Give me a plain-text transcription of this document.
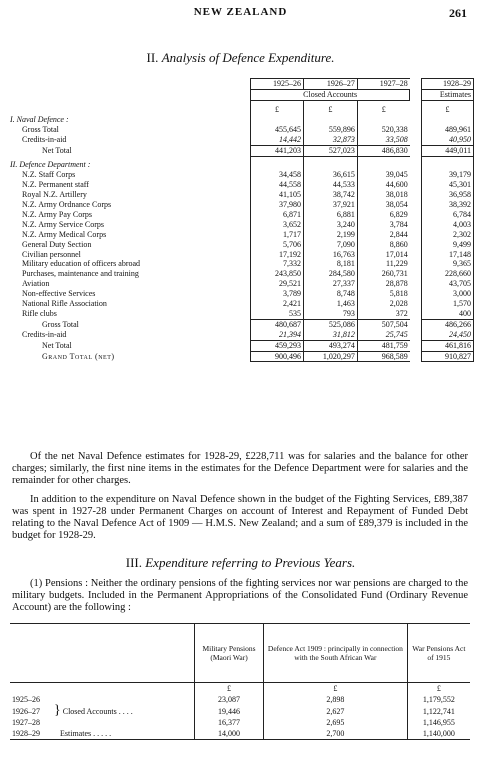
NEW ZEALAND	261
II. Analysis of Defence Expenditure.
	1925–26	1926–27	1927–28		1928–29
	Closed Accounts				Estimates

	£	£	£		£
I. Naval Defence :					
Gross Total	455,645	559,896	520,338		489,961
Credits-in-aid	14,442	32,873	33,508		40,950
Net Total	441,203	527,023	486,830		449,011

II. Defence Department :					
N.Z. Staff Corps	34,458	36,615	39,045		39,179
N.Z. Permanent staff	44,558	44,533	44,600		45,301
Royal N.Z. Artillery	41,105	38,742	38,018		36,958
N.Z. Army Ordnance Corps	37,980	37,921	38,054		38,392
N.Z. Army Pay Corps	6,871	6,881	6,829		6,784
N.Z. Army Service Corps	3,652	3,240	3,784		4,003
N.Z. Army Medical Corps	1,717	2,199	2,844		2,302
General Duty Section	5,706	7,090	8,860		9,499
Civilian personnel	17,192	16,763	17,014		17,148
Military education of officers abroad	7,332	8,181	11,229		9,365
Purchases, maintenance and training	243,850	284,580	260,731		228,660
Aviation	29,521	27,337	28,878		43,705
Non-effective Services	3,789	8,748	5,818		3,000
National Rifle Association	2,421	1,463	2,028		1,570
Rifle clubs	535	793	372		400
Gross Total	480,687	525,086	507,504		486,266
Credits-in-aid	21,394	31,812	25,745		24,450
Net Total	459,293	493,274	481,759		461,816
Grand Total (net)	900,496	1,020,297	968,589		910,827

Of the net Naval Defence estimates for 1928-29, £228,711 was for salaries and the balance for other charges; similarly, the first nine items in the estimates for the Defence Department were for salaries and the remainder for other charges.

In addition to the expenditure on Naval Defence shown in the budget of the Fighting Services, £89,387 was spent in 1927-28 under Permanent Charges on account of Interest and Repayment of Funded Debt relating to the Naval Defence Act of 1909 — H.M.S. New Zealand; and a sum of £89,379 is included in the budget for 1928-29.

III. Expenditure referring to Previous Years.

(1) Pensions : Neither the ordinary pensions of the fighting services nor war pensions are charged to the military budgets. Included in the Permanent Appropriations of the Consolidated Fund (Ordinary Revenue Account) are the following :

	Military Pensions (Maori War)	Defence Act 1909 : principally in connection with the South African War	War Pensions Act of 1915
	£	£	£
1925–26	23,087	2,898	1,179,552
1926–27 } Closed Accounts . . . .	19,446	2,627	1,122,741
1927–28	16,377	2,695	1,146,955
1928–29 Estimates . . . . .	14,000	2,700	1,140,000
